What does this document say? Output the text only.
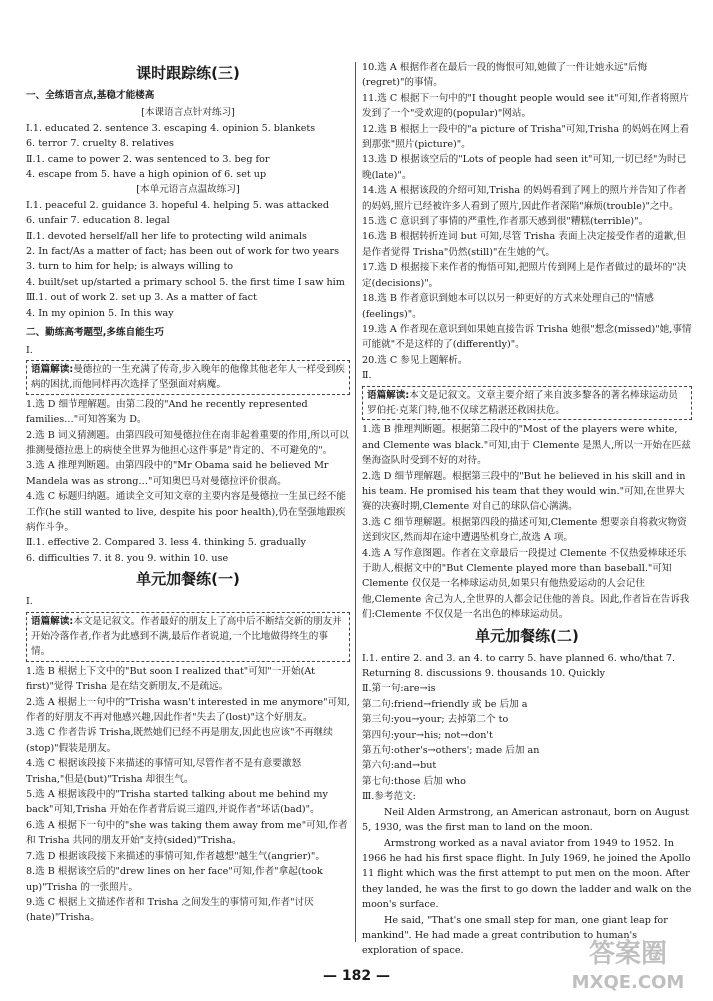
课时跟踪练(三)
一、全练语言点,基稳才能楼高

[本课语言点针对练习]

Ⅰ.1. educated 2. sentence 3. escaping 4. opinion 5. blankets

6. terror 7. cruelty 8. relatives

Ⅱ.1. came to power 2. was sentenced to 3. beg for

4. escape from 5. have a high opinion of 6. set up

[本单元语言点温故练习]

Ⅰ.1. peaceful 2. guidance 3. hopeful 4. helping 5. was attacked

6. unfair 7. education 8. legal

Ⅱ.1. devoted herself/all her life to protecting wild animals

2. In fact/As a matter of fact; has been out of work for two years

3. turn to him for help; is always willing to

4. built/set up/started a primary school 5. the first time I saw him

Ⅲ.1. out of work 2. set up 3. As a matter of fact

4. In my opinion 5. In this way

二、勤练高考题型,多练自能生巧

Ⅰ.

语篇解读:曼德拉的一生充满了传奇,步入晚年的他像其他老年人一样受到疾病的困扰,而他同样再次选择了坚强面对病魔。

1.选 D 细节理解题。由第二段的"And he recently represented families…"可知答案为 D。

2.选 B 词义猜测题。由第四段可知曼德拉住在南非起着重要的作用,所以可以推测曼德拉患上的病使全世界为他担心这件事是"肯定的、不可避免的"。

3.选 A 推理判断题。由第四段中的"Mr Obama said he believed Mr Mandela was as strong…"可知奥巴马对曼德拉评价很高。

4.选 C 标题归纳题。通读全文可知文章的主要内容是曼德拉一生虽已经不能工作(he still wanted to live, despite his poor health),仍在坚强地跟疾病作斗争。

Ⅱ.1. effective 2. Compared 3. less 4. thinking 5. gradually

6. difficulties 7. it 8. you 9. within 10. use

单元加餐练(一)

Ⅰ.

语篇解读:本文是记叙文。作者最好的朋友上了高中后不断结交新的朋友并开始冷落作者,作者为此感到不满,最后作者说道,一个比地做得终生的事情。

1.选 B 根据上下文中的"But soon I realized that"可知"一开始(At first)"觉得 Trisha 是在结交新朋友,不是疏远。

2.选 A 根据上一句中的"Trisha wasn't interested in me anymore"可知,作者的好朋友不再对他感兴趣,因此作者"失去了(lost)"这个好朋友。

3.选 C 作者告诉 Trisha,既然她们已经不再是朋友,因此也应该"不再继续(stop)"假装是朋友。

4.选 C 根据该段接下来描述的事情可知,尽管作者不是有意要激怒 Trisha,"但是(but)"Trisha 却很生气。

5.选 A 根据该段中的"Trisha started talking about me behind my back"可知,Trisha 开始在作者背后说三道四,并说作者"坏话(bad)"。

6.选 A 根据下一句中的"she was taking them away from me"可知,作者和 Trisha 共同的朋友开始"支持(sided)"Trisha。

7.选 D 根据该段接下来描述的事情可知,作者越想"越生气(angrier)"。

8.选 B 根据该空后的"drew lines on her face"可知,作者"拿起(took up)"Trisha 的一张照片。

9.选 C 根据上文描述作者和 Trisha 之间发生的事情可知,作者"讨厌(hate)"Trisha。

10.选 A 根据作者在最后一段的悔恨可知,她做了一件让她永远"后悔(regret)"的事情。

11.选 C 根据下一句中的"I thought people would see it"可知,作者将照片发到了一个"受欢迎的(popular)"网站。

12.选 B 根据上一段中的"a picture of Trisha"可知,Trisha 的妈妈在网上看到那张"照片(picture)"。

13.选 D 根据该空后的"Lots of people had seen it"可知,一切已经"为时已晚(late)"。

14.选 A 根据该段的介绍可知,Trisha 的妈妈看到了网上的照片并告知了作者的妈妈,照片已经被许多人看到了照片,因此作者深陷"麻烦(trouble)"之中。

15.选 C 意识到了事情的严重性,作者那天感到很"糟糕(terrible)"。

16.选 B 根据转折连词 but 可知,尽管 Trisha 表面上决定接受作者的道歉,但是作者觉得 Trisha"仍然(still)"在生她的气。

17.选 D 根据接下来作者的悔悟可知,把照片传到网上是作者做过的最坏的"决定(decisions)"。

18.选 B 作者意识到她本可以以另一种更好的方式来处理自己的"情感(feelings)"。

19.选 A 作者现在意识到如果她直接告诉 Trisha 她很"想念(missed)"她,事情可能就"不是这样的了(differently)"。

20.选 C 参见上题解析。

Ⅱ.

语篇解读:本文是记叙文。文章主要介绍了来自波多黎各的著名棒球运动员罗伯托·克莱门特,他不仅球艺精湛还救困扶危。

1.选 B 推理判断题。根据第二段中的"Most of the players were white, and Clemente was black."可知,由于 Clemente 是黑人,所以一开始在匹兹堡海盗队时受到不好的对待。

2.选 D 细节理解题。根据第三段中的"But he believed in his skill and in his team. He promised his team that they would win."可知,在世界大赛的决赛时期,Clemente 对自己的球队信心满满。

3.选 C 细节理解题。根据第四段的描述可知,Clemente 想要亲自将救灾物资送到灾区,然而却在途中遭遇坠机身亡,故选 A 项。

4.选 A 写作意图题。作者在文章最后一段提过 Clemente 不仅热爱棒球还乐于助人,根据文中的"But Clemente played more than baseball."可知 Clemente 仅仅是一名棒球运动员,如果只有他热爱运动的人会记住他,Clemente 舍己为人,全世界的人都会记住他的善良。因此,作者旨在告诉我们:Clemente 不仅仅是一名出色的棒球运动员。

单元加餐练(二)

Ⅰ.1. entire 2. and 3. an 4. to carry 5. have planned 6. who/that 7. Returning 8. discussions 9. thousands 10. Quickly

Ⅱ.第一句:are→is

第二句:friend→friendly 或 be 后加 a

第三句:you→your; 去掉第二个 to

第四句:your→his; not→don't

第五句:other's→others'; made 后加 an

第六句:and→but

第七句:those 后加 who

Ⅲ.参考范文:

Neil Alden Armstrong, an American astronaut, born on August 5, 1930, was the first man to land on the moon.

Armstrong worked as a naval aviator from 1949 to 1952. In 1966 he had his first space flight. In July 1969, he joined the Apollo 11 flight which was the first attempt to put men on the moon. After they landed, he was the first to go down the ladder and walk on the moon's surface.

He said, "That's one small step for man, one giant leap for mankind". He had made a great contribution to human's exploration of space.

— 182 —
答案圈
MXQE.COM
